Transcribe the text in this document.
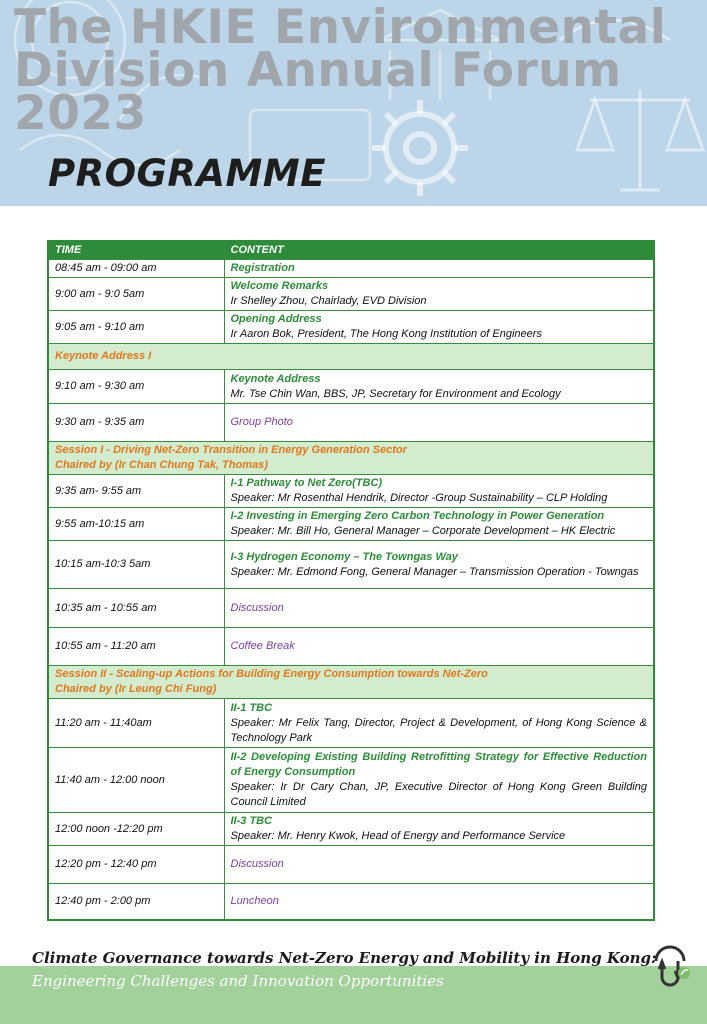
The HKIE Environmental
Division Annual Forum
2023
PROGRAMME
TIME	CONTENT
08:45 am - 09:00 am	Registration
9:00 am - 9:0 5am	Welcome Remarks
Ir Shelley Zhou, Chairlady, EVD Division

9:05 am - 9:10 am	Opening Address
Ir Aaron Bok, President, The Hong Kong Institution of Engineers

Keynote Address I	
9:10 am - 9:30 am	Keynote Address
Mr. Tse Chin Wan, BBS, JP, Secretary for Environment and Ecology

9:30 am - 9:35 am	Group Photo

Session I - Driving Net-Zero Transition in Energy Generation Sector
Chaired by (Ir Chan Chung Tak, Thomas)	

9:35 am- 9:55 am	I-1 Pathway to Net Zero(TBC)
Speaker: Mr Rosenthal Hendrik, Director -Group Sustainability – CLP Holding

9:55 am-10:15 am	I-2 Investing in Emerging Zero Carbon Technology in Power Generation
Speaker: Mr. Bill Ho, General Manager – Corporate Development – HK Electric

10:15 am-10:3 5am	I-3 Hydrogen Economy – The Towngas Way
Speaker: Mr. Edmond Fong, General Manager – Transmission Operation - Towngas

10:35 am - 10:55 am	Discussion
10:55 am - 11:20 am	Coffee Break

Session II - Scaling-up Actions for Building Energy Consumption towards Net-Zero
Chaired by (Ir Leung Chi Fung)	

11:20 am - 11:40am	II-1 TBC
Speaker: Mr Felix Tang, Director, Project & Development, of Hong Kong Science & Technology Park

11:40 am - 12:00 noon	II-2 Developing Existing Building Retrofitting Strategy for Effective Reduction of Energy Consumption
Speaker: Ir Dr Cary Chan, JP, Executive Director of Hong Kong Green Building Council Limited

12:00 noon -12:20 pm	II-3 TBC
Speaker: Mr. Henry Kwok, Head of Energy and Performance Service

12:20 pm - 12:40 pm	Discussion
12:40 pm - 2:00 pm	Luncheon
Climate Governance towards Net-Zero Energy and Mobility in Hong Kong:
Engineering Challenges and Innovation Opportunities
